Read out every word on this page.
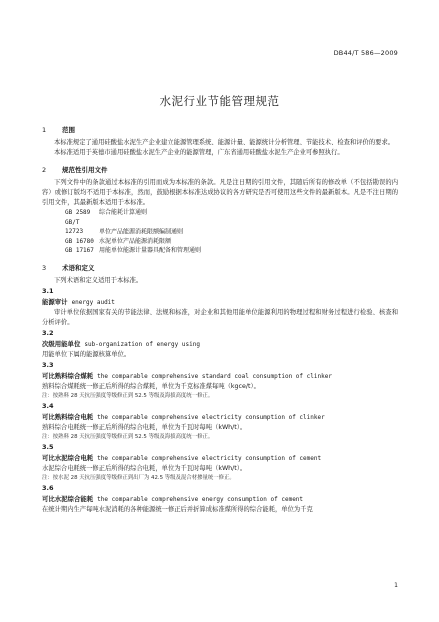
DB44/T 586—2009
水泥行业节能管理规范
1 范围

本标准规定了通用硅酸盐水泥生产企业建立能源管理系统、能源计量、能源统计分析管理、节能技术、检查和评价的要求。

本标准适用于英德市通用硅酸盐水泥生产企业的能源管理，广东省通用硅酸盐水泥生产企业可参照执行。

2 规范性引用文件

下列文件中的条款通过本标准的引用而成为本标准的条款。凡是注日期的引用文件，其随后所有的修改单（不包括勘误的内容）或修订版均不适用于本标准，然而，鼓励根据本标准达成协议的各方研究是否可使用这些文件的最新版本。凡是不注日期的引用文件，其最新版本适用于本标准。

GB 2589 综合能耗计算通则
GB/T 12723	单位产品能源消耗限额编制通则
GB 16780 水泥单位产品能源消耗限额
GB 17167 用能单位能源计量器具配备和管理通则
3 术语和定义

下列术语和定义适用于本标准。

3.1
能源审计 energy audit

审计单位依据国家有关的节能法律、法规和标准，对企业和其他用能单位能源利用的物理过程和财务过程进行检验、核查和分析评价。

3.2
次级用能单位 sub-organization of energy using

用能单位下属的能源核算单位。

3.3
可比熟料综合煤耗 the comparable comprehensive standard coal consumption of clinker

熟料综合煤耗统一修正后所得的综合煤耗，单位为千克标准煤每吨（kgce/t）。

注：按熟料 28 天抗压强度等级修正到 52.5 等级及海拔高度统一修正。

3.4
可比熟料综合电耗 the comparable comprehensive electricity consumption of clinker

熟料综合电耗统一修正后所得的综合电耗，单位为千瓦时每吨（kWh/t）。

注：按熟料 28 天抗压强度等级修正到 52.5 等级及海拔高度统一修正。

3.5
可比水泥综合电耗 the comparable comprehensive electricity consumption of cement

水泥综合电耗统一修正后所得的综合电耗，单位为千瓦时每吨（kWh/t）。

注：按水泥 28 天抗压强度等级修正到出厂为 42.5 等级及混合材掺量统一修正。

3.6
可比水泥综合能耗 the comparable comprehensive energy consumption of cement

在统计期内生产每吨水泥消耗的各种能源统一修正后并折算成标准煤所得的综合能耗，单位为千克

1
